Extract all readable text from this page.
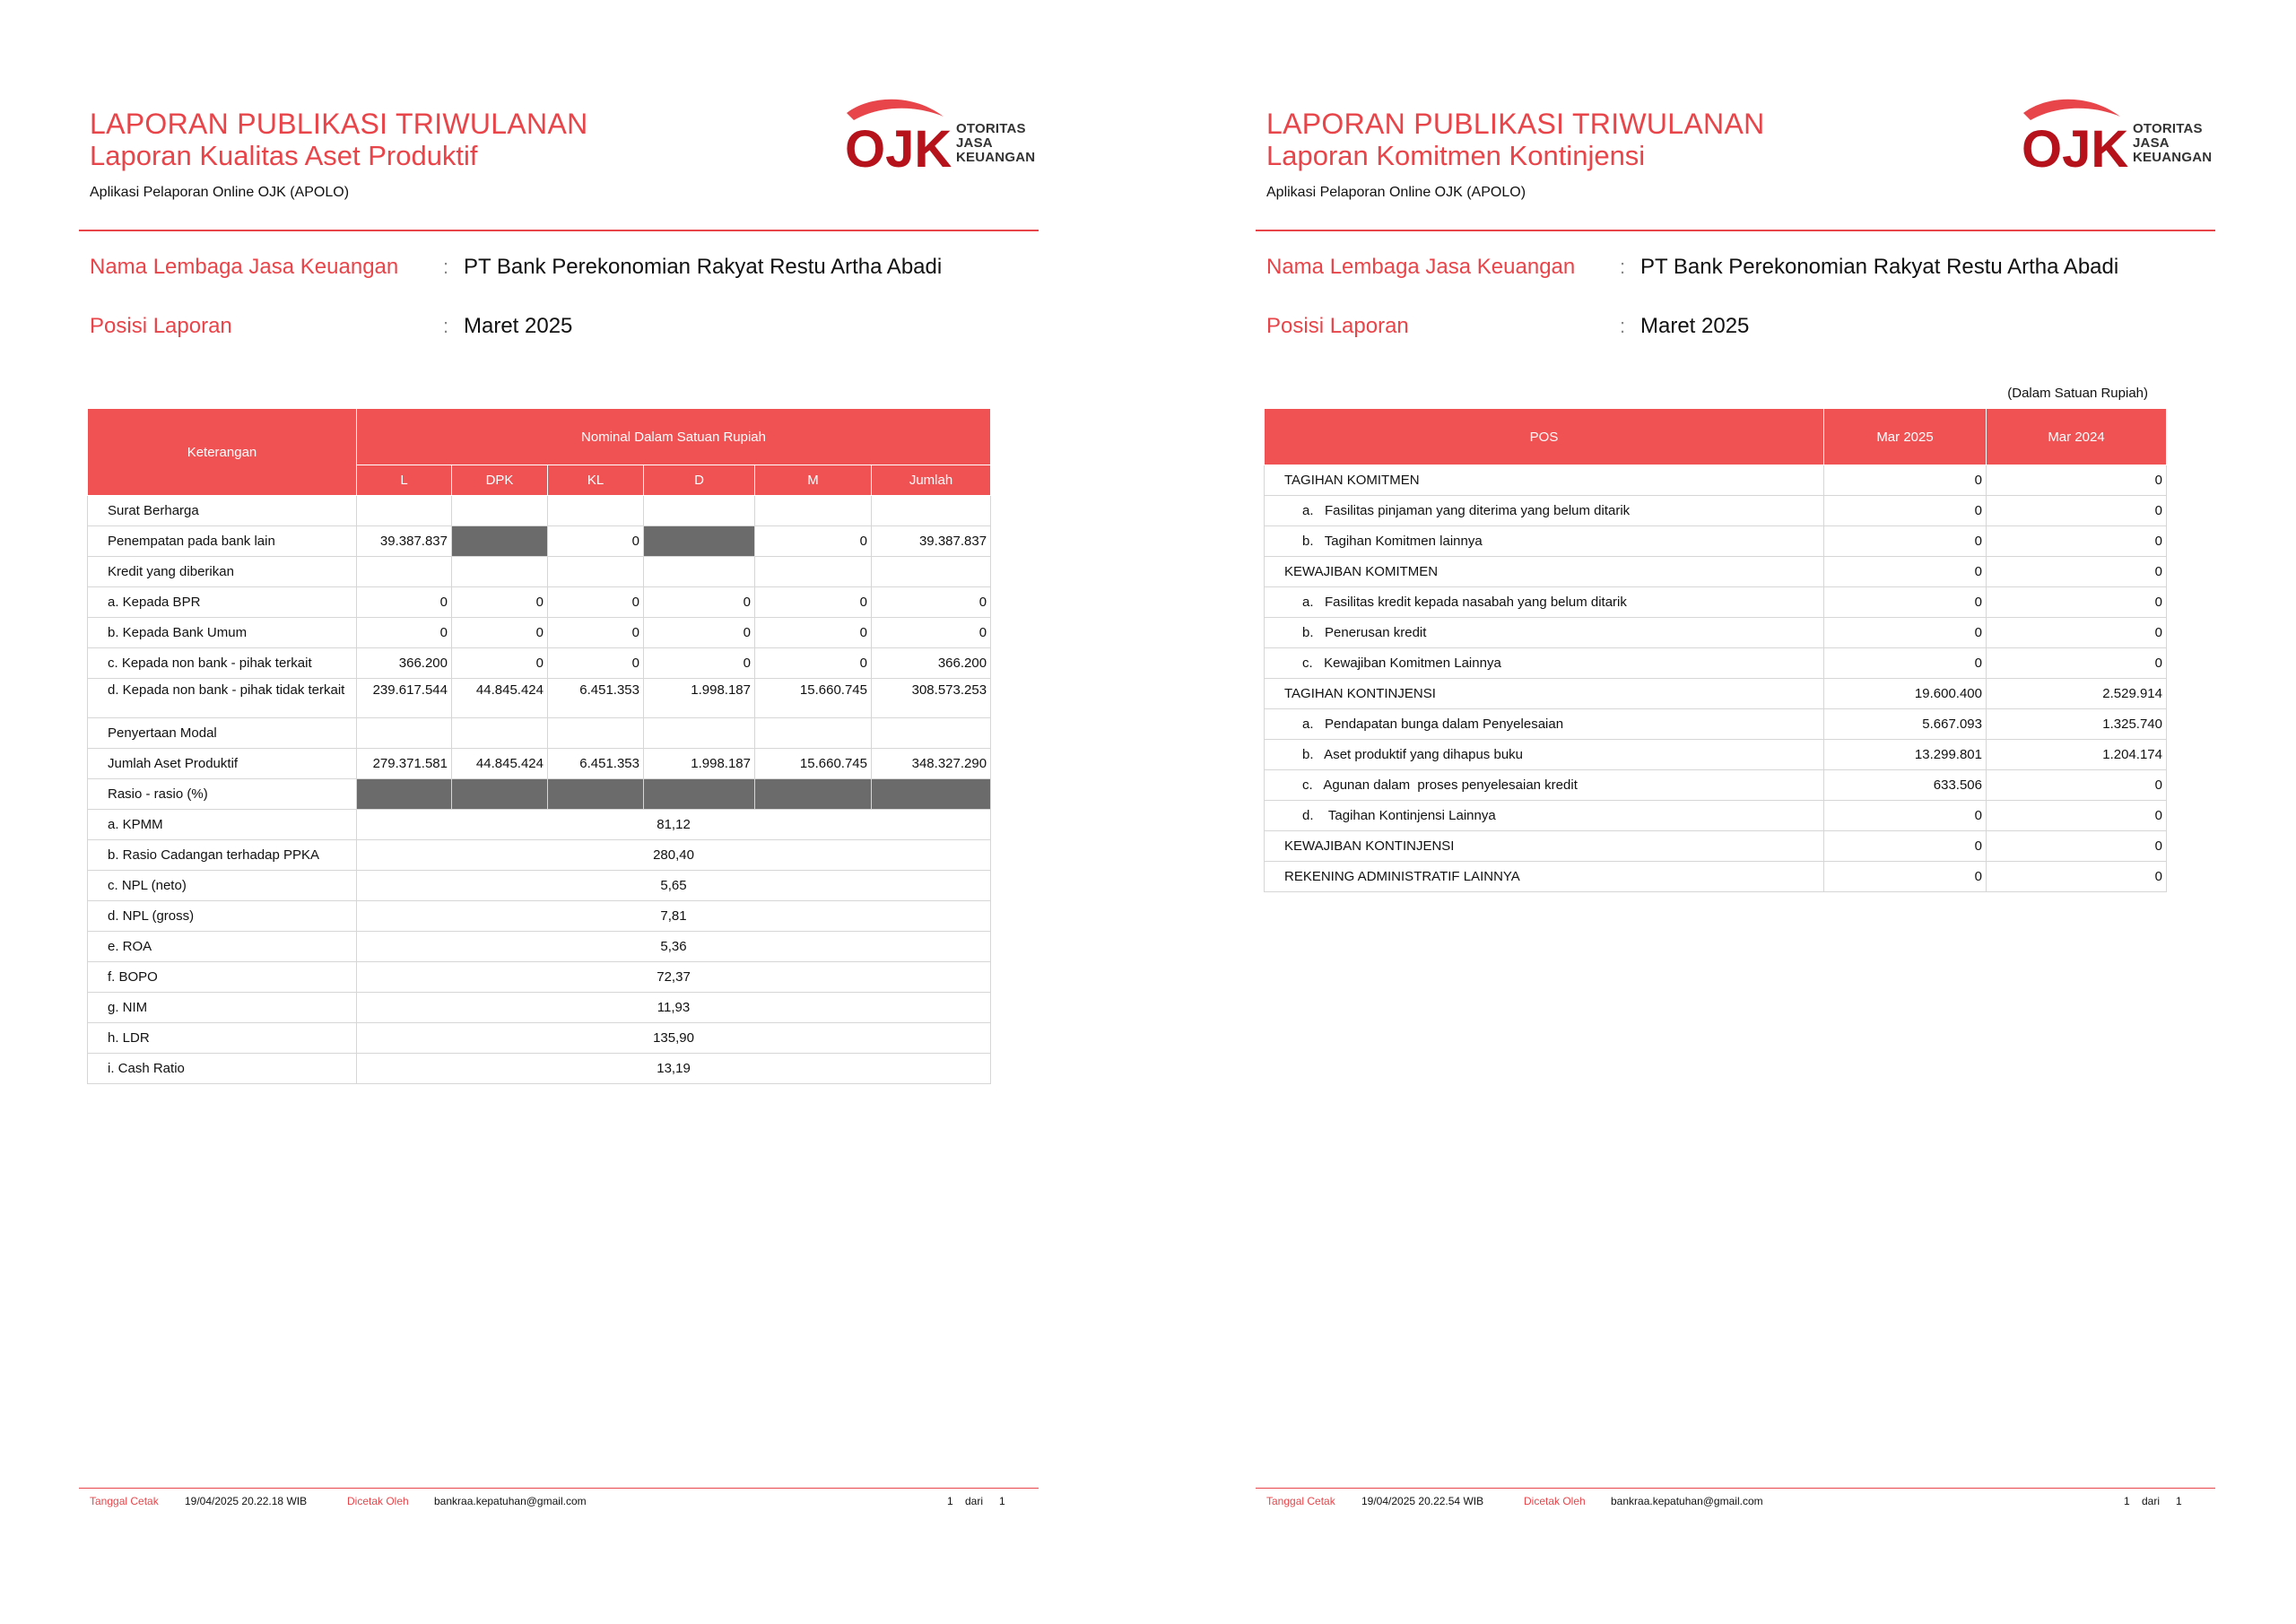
LAPORAN PUBLIKASI TRIWULANAN
Laporan Kualitas Aset Produktif
Aplikasi Pelaporan Online OJK (APOLO)
OJK OTORITAS
JASA
KEUANGAN
Nama Lembaga Jasa Keuangan : PT Bank Perekonomian Rakyat Restu Artha Abadi
Posisi Laporan	: Maret 2025
Keterangan	Nominal Dalam Satuan Rupiah					
	L	DPK	KL	D	M	Jumlah
Surat Berharga						
Penempatan pada bank lain	39.387.837		0		0	39.387.837
Kredit yang diberikan						
a. Kepada BPR	0	0	0	0	0	0
b. Kepada Bank Umum	0	0	0	0	0	0
c. Kepada non bank - pihak terkait	366.200	0	0	0	0	366.200
d. Kepada non bank - pihak tidak terkait	239.617.544	44.845.424	6.451.353	1.998.187	15.660.745	308.573.253
Penyertaan Modal						
Jumlah Aset Produktif	279.371.581	44.845.424	6.451.353	1.998.187	15.660.745	348.327.290
Rasio - rasio (%)						
a. KPMM	81,12					
b. Rasio Cadangan terhadap PPKA	280,40					
c. NPL (neto)	5,65					
d. NPL (gross)	7,81					
e. ROA	5,36					
f. BOPO	72,37					
g. NIM	11,93					
h. LDR	135,90					
i. Cash Ratio	13,19					
Tanggal Cetak 19/04/2025 20.22.18 WIB	Dicetak Oleh bankraa.kepatuhan@gmail.com	1 dari 1
LAPORAN PUBLIKASI TRIWULANAN
Laporan Komitmen Kontinjensi
Aplikasi Pelaporan Online OJK (APOLO)
OJK OTORITAS
JASA
KEUANGAN
Nama Lembaga Jasa Keuangan : PT Bank Perekonomian Rakyat Restu Artha Abadi
Posisi Laporan	: Maret 2025
(Dalam Satuan Rupiah)
POS	Mar 2025	Mar 2024
TAGIHAN KOMITMEN	0	0
a.   Fasilitas pinjaman yang diterima yang belum ditarik	0	0
b.   Tagihan Komitmen lainnya	0	0
KEWAJIBAN KOMITMEN	0	0
a.   Fasilitas kredit kepada nasabah yang belum ditarik	0	0
b.   Penerusan kredit	0	0
c.   Kewajiban Komitmen Lainnya	0	0
TAGIHAN KONTINJENSI	19.600.400	2.529.914
a.   Pendapatan bunga dalam Penyelesaian	5.667.093	1.325.740
b.   Aset produktif yang dihapus buku	13.299.801	1.204.174
c.   Agunan dalam  proses penyelesaian kredit	633.506	0
d.    Tagihan Kontinjensi Lainnya	0	0
KEWAJIBAN KONTINJENSI	0	0
REKENING ADMINISTRATIF LAINNYA	0	0
Tanggal Cetak 19/04/2025 20.22.54 WIB	Dicetak Oleh bankraa.kepatuhan@gmail.com	1 dari 1
